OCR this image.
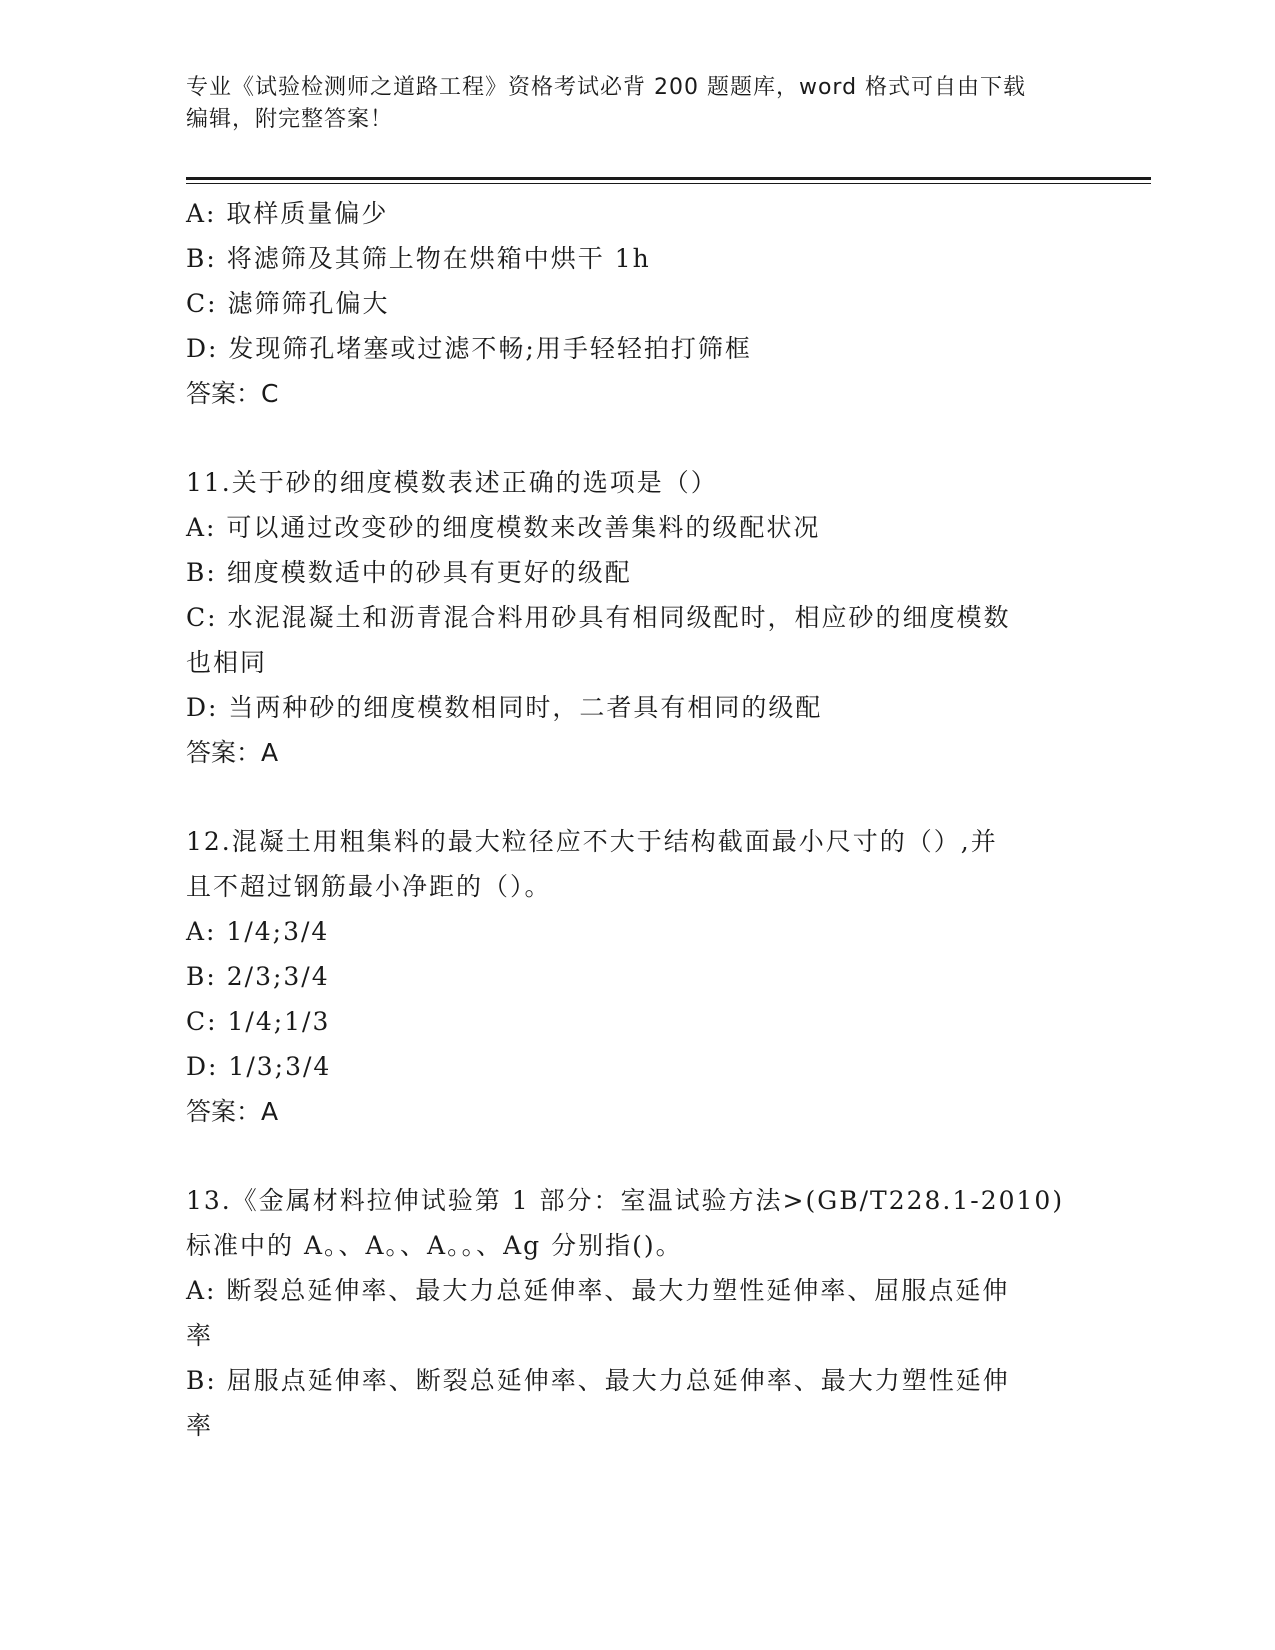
专业《试验检测师之道路工程》资格考试必背 200 题题库，word 格式可自由下载
编辑，附完整答案！
A: 取样质量偏少
B: 将滤筛及其筛上物在烘箱中烘干 1h
C: 滤筛筛孔偏大
D: 发现筛孔堵塞或过滤不畅;用手轻轻拍打筛框
答案：C
11.关于砂的细度模数表述正确的选项是（）
A: 可以通过改变砂的细度模数来改善集料的级配状况
B: 细度模数适中的砂具有更好的级配
C: 水泥混凝土和沥青混合料用砂具有相同级配时，相应砂的细度模数
也相同
D: 当两种砂的细度模数相同时，二者具有相同的级配
答案：A
12.混凝土用粗集料的最大粒径应不大于结构截面最小尺寸的（）,并
且不超过钢筋最小净距的（）。
A: 1/4;3/4
B: 2/3;3/4
C: 1/4;1/3
D: 1/3;3/4
答案：A
13.《金属材料拉伸试验第 1 部分：室温试验方法>(GB/T228.1-2010)
标准中的 A。、A。、A。。、Ag 分别指()。
A: 断裂总延伸率、最大力总延伸率、最大力塑性延伸率、屈服点延伸
率
B: 屈服点延伸率、断裂总延伸率、最大力总延伸率、最大力塑性延伸
率
